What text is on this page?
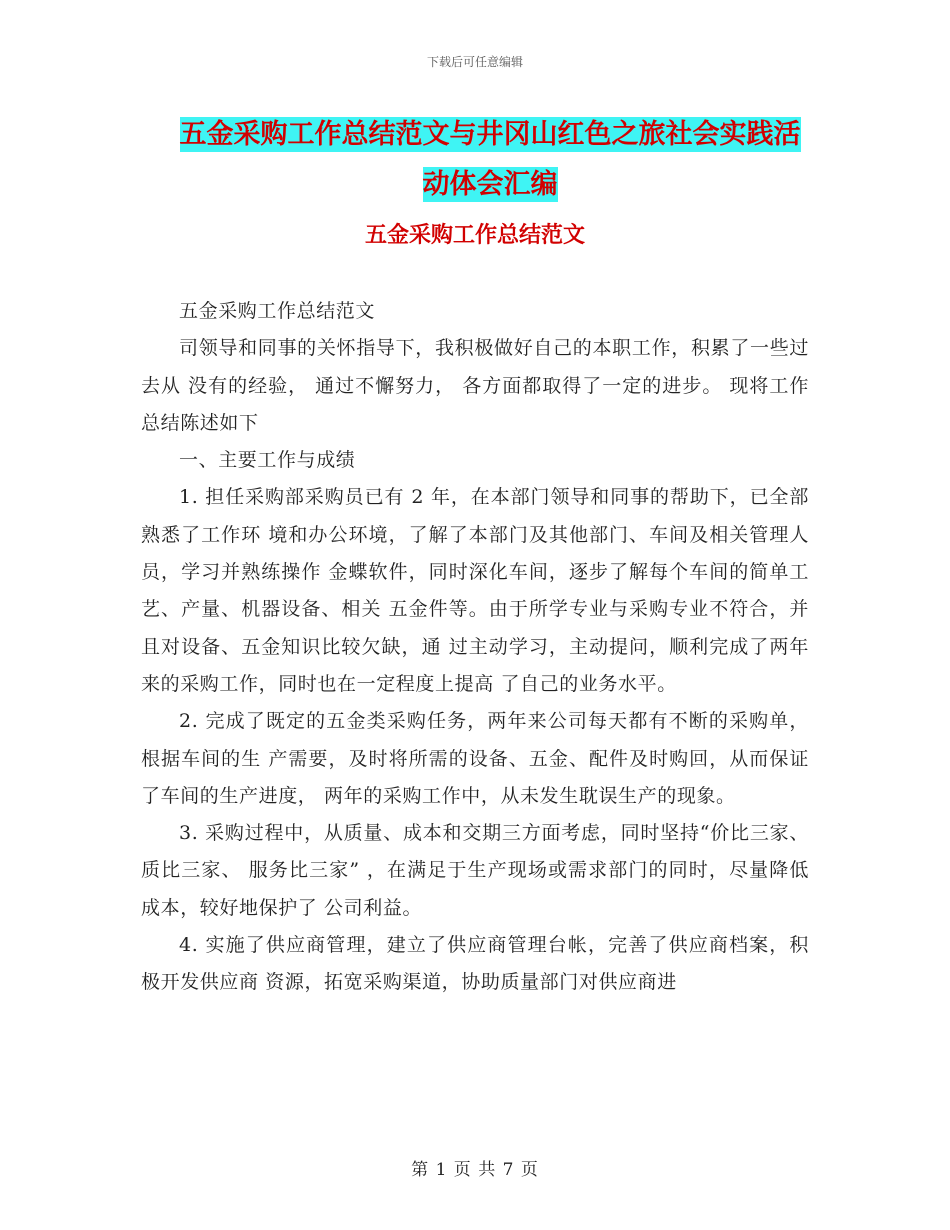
下载后可任意编辑
五金采购工作总结范文与井冈山红色之旅社会实践活
动体会汇编
五金采购工作总结范文

五金采购工作总结范文

司领导和同事的关怀指导下，我积极做好自己的本职工作，积累了一些过去从 没有的经验， 通过不懈努力， 各方面都取得了一定的进步。 现将工作总结陈述如下

一、主要工作与成绩

1. 担任采购部采购员已有 2 年，在本部门领导和同事的帮助下，已全部熟悉了工作环 境和办公环境，了解了本部门及其他部门、车间及相关管理人员，学习并熟练操作 金蝶软件，同时深化车间，逐步了解每个车间的简单工艺、产量、机器设备、相关 五金件等。由于所学专业与采购专业不符合，并且对设备、五金知识比较欠缺，通 过主动学习，主动提问，顺利完成了两年来的采购工作，同时也在一定程度上提高 了自己的业务水平。

2. 完成了既定的五金类采购任务，两年来公司每天都有不断的采购单，根据车间的生 产需要，及时将所需的设备、五金、配件及时购回，从而保证了车间的生产进度， 两年的采购工作中，从未发生耽误生产的现象。

3. 采购过程中，从质量、成本和交期三方面考虑，同时坚持“价比三家、质比三家、 服务比三家” ，在满足于生产现场或需求部门的同时，尽量降低成本，较好地保护了 公司利益。

4. 实施了供应商管理，建立了供应商管理台帐，完善了供应商档案，积极开发供应商 资源，拓宽采购渠道，协助质量部门对供应商进

第 1 页 共 7 页
